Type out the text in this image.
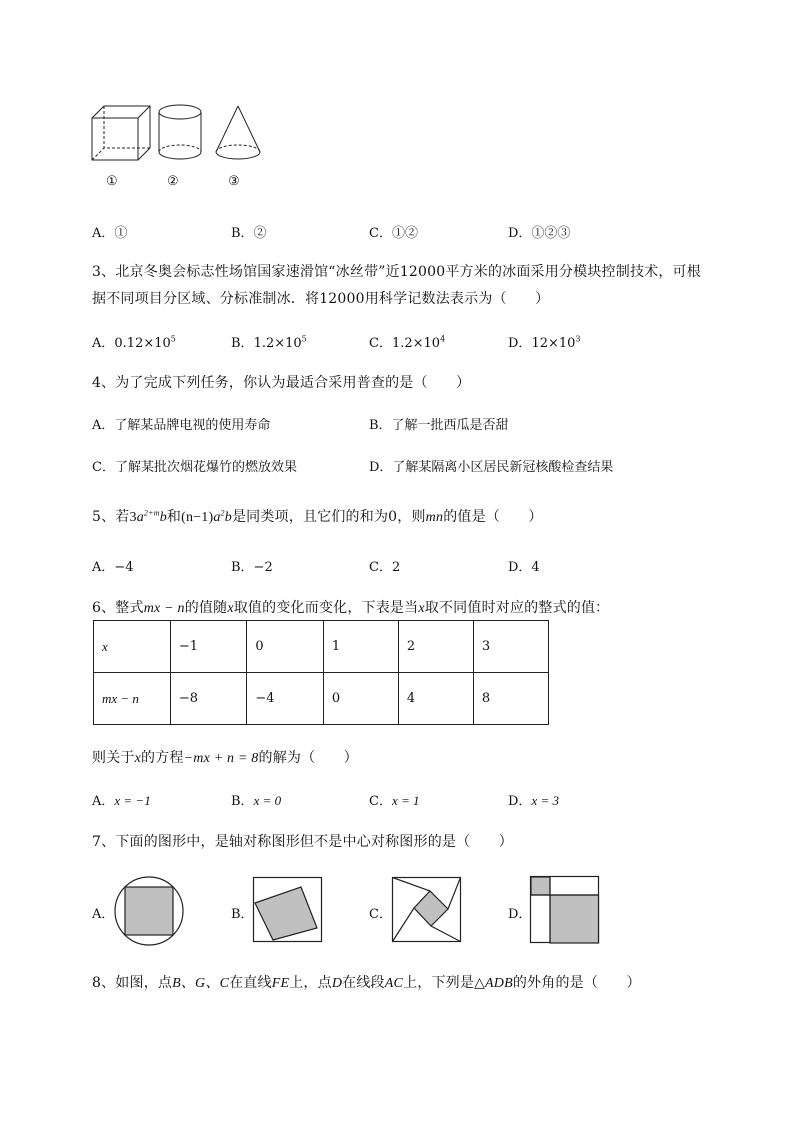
①	②	③
A．①	B．②	C．①②	D．①②③
3、北京冬奥会标志性场馆国家速滑馆“冰丝带”近12000平方米的冰面采用分模块控制技术，可根
据不同项目分区域、分标准制冰．将12000用科学记数法表示为（　　）
A．$0.12\times 10^5$	B．$1.2\times 10^5$	C．$1.2\times 10^4$	D．$12\times 10^3$
4、为了完成下列任务，你认为最适合采用普查的是（　　）
A．了解某品牌电视的使用寿命	B．了解一批西瓜是否甜
C．了解某批次烟花爆竹的燃放效果	D．了解某隔离小区居民新冠核酸检查结果
5、若$3a^{2+m}b$和$(n-1)a^2b$是同类项，且它们的和为0，则mn的值是（　　）
A．−4	B．−2	C．2	D．4
6、整式mx − n的值随x取值的变化而变化，下表是当x取不同值时对应的整式的值：
x	−1	0	1	2	3
mx − n	−8	−4	0	4	8
则关于x的方程−mx + n = 8的解为（　　）
A．x = −1	B．x = 0	C．x = 1	D．x = 3
7、下面的图形中，是轴对称图形但不是中心对称图形的是（　　）
A．	B．	C．	D．
8、如图，点B、G、C在直线FE上，点D在线段AC上，下列是△ADB的外角的是（　　）
